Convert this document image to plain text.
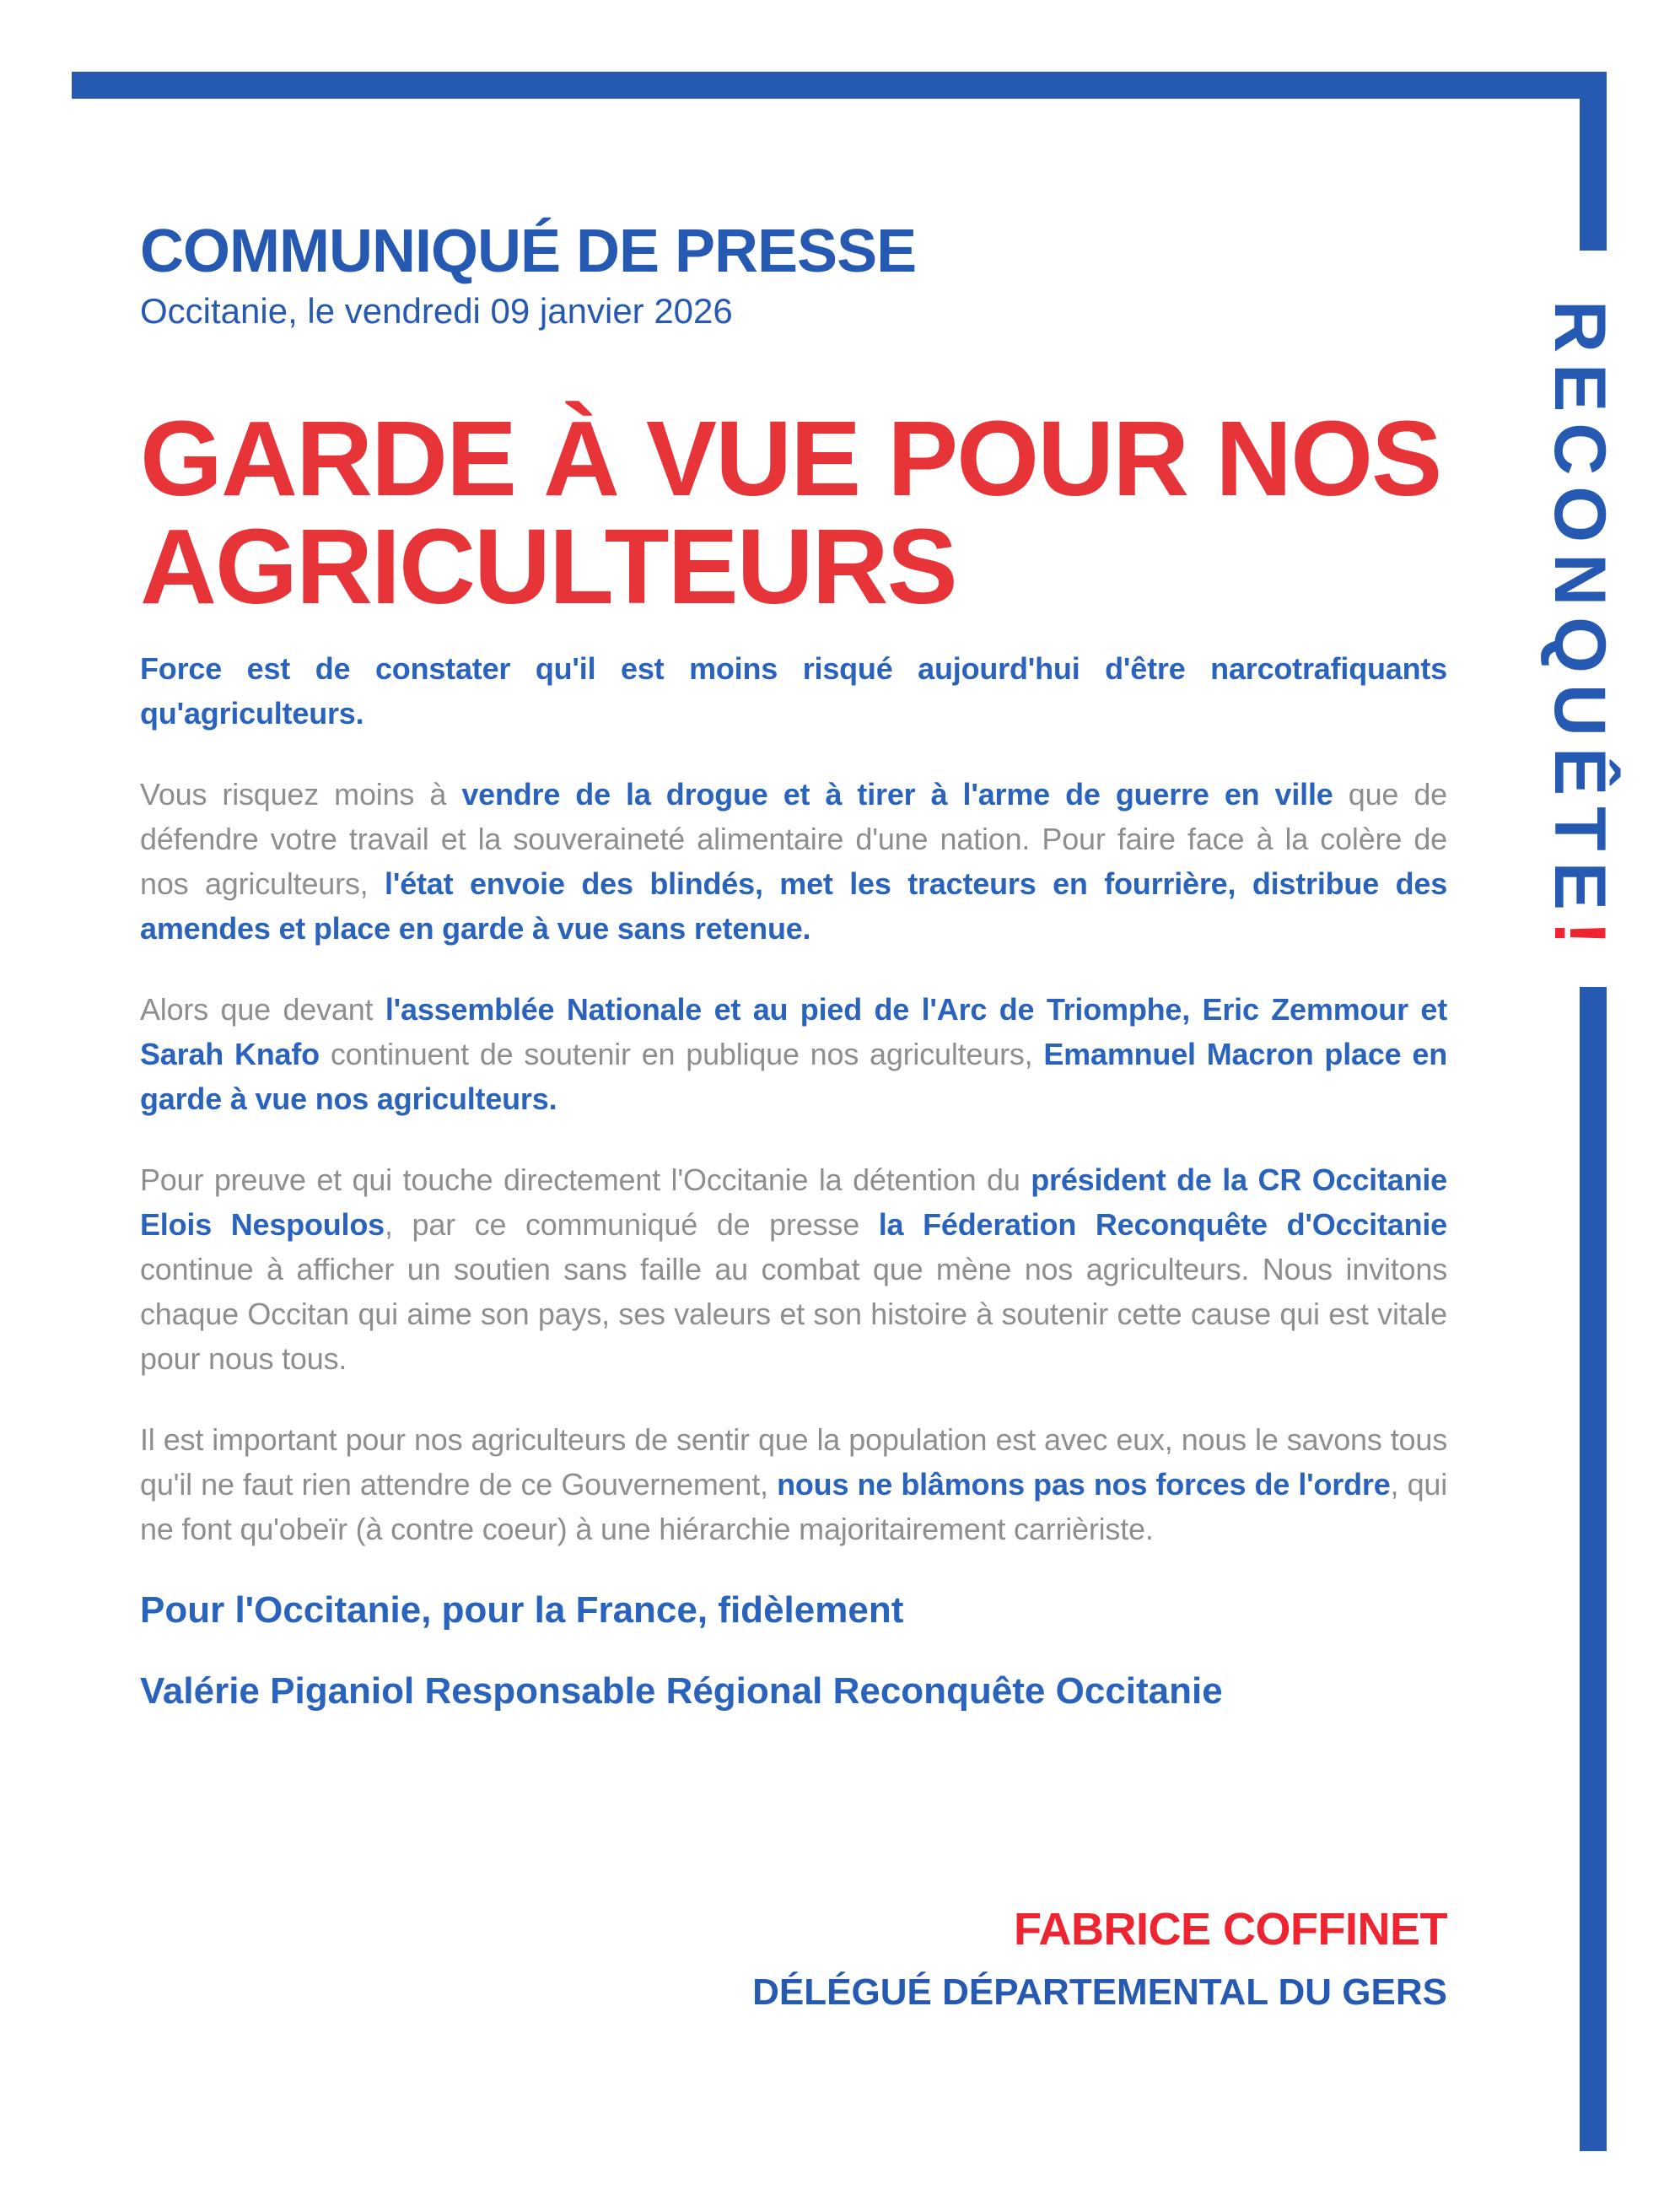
RECONQUÊTE!
COMMUNIQUÉ DE PRESSE

Occitanie, le vendredi 09 janvier 2026

GARDE À VUE POUR NOS
AGRICULTEURS

Force est de constater qu'il est moins risqué aujourd'hui d'être narcotrafiquants qu'agriculteurs.

Vous risquez moins à vendre de la drogue et à tirer à l'arme de guerre en ville que de défendre votre travail et la souveraineté alimentaire d'une nation. Pour faire face à la colère de nos agriculteurs, l'état envoie des blindés, met les tracteurs en fourrière, distribue des amendes et place en garde à vue sans retenue.

Alors que devant l'assemblée Nationale et au pied de l'Arc de Triomphe, Eric Zemmour et Sarah Knafo continuent de soutenir en publique nos agriculteurs, Emamnuel Macron place en garde à vue nos agriculteurs.

Pour preuve et qui touche directement l'Occitanie la détention du président de la CR Occitanie Elois Nespoulos, par ce communiqué de presse la Féderation Reconquête d'Occitanie continue à afficher un soutien sans faille au combat que mène nos agriculteurs. Nous invitons chaque Occitan qui aime son pays, ses valeurs et son histoire à soutenir cette cause qui est vitale pour nous tous.

Il est important pour nos agriculteurs de sentir que la population est avec eux, nous le savons tous qu'il ne faut rien attendre de ce Gouvernement, nous ne blâmons pas nos forces de l'ordre, qui ne font qu'obeïr (à contre coeur) à une hiérarchie majoritairement carrièriste.

Pour l'Occitanie, pour la France, fidèlement

Valérie Piganiol Responsable Régional Reconquête Occitanie

FABRICE COFFINET

DÉLÉGUÉ DÉPARTEMENTAL DU GERS
